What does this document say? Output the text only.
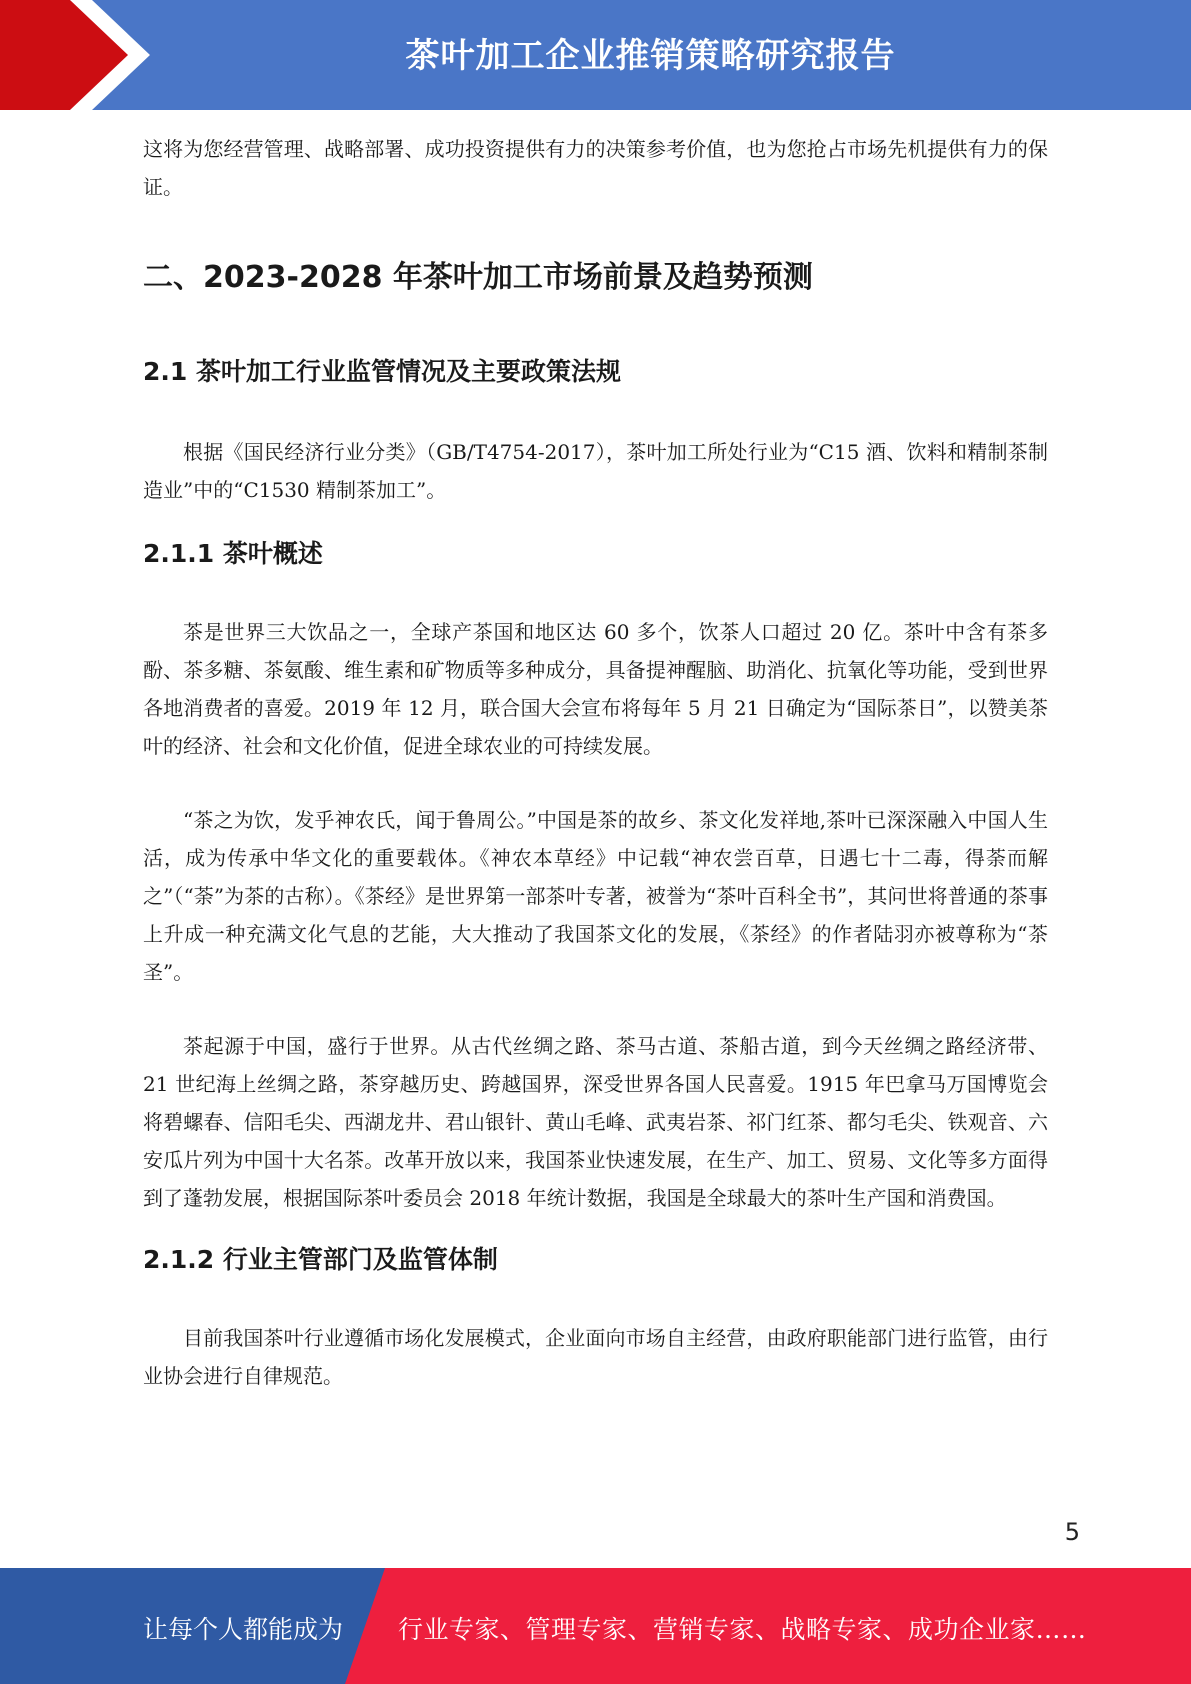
茶叶加工企业推销策略研究报告

这将为您经营管理、战略部署、成功投资提供有力的决策参考价值，也为您抢占市场先机提供有力的保证。

二、2023-2028 年茶叶加工市场前景及趋势预测
2.1 茶叶加工行业监管情况及主要政策法规

根据《国民经济行业分类》（GB/T4754-2017），茶叶加工所处行业为“C15 酒、饮料和精制茶制造业”中的“C1530 精制茶加工”。

2.1.1 茶叶概述

茶是世界三大饮品之一，全球产茶国和地区达 60 多个，饮茶人口超过 20 亿。茶叶中含有茶多酚、茶多糖、茶氨酸、维生素和矿物质等多种成分，具备提神醒脑、助消化、抗氧化等功能，受到世界各地消费者的喜爱。2019 年 12 月，联合国大会宣布将每年 5 月 21 日确定为“国际茶日”，以赞美茶叶的经济、社会和文化价值，促进全球农业的可持续发展。

“茶之为饮，发乎神农氏，闻于鲁周公。”中国是茶的故乡、茶文化发祥地,茶叶已深深融入中国人生活，成为传承中华文化的重要载体。《神农本草经》中记载“神农尝百草，日遇七十二毒，得荼而解之”（“荼”为茶的古称）。《茶经》是世界第一部茶叶专著，被誉为“茶叶百科全书”，其问世将普通的茶事上升成一种充满文化气息的艺能，大大推动了我国茶文化的发展，《茶经》的作者陆羽亦被尊称为“茶圣”。

茶起源于中国，盛行于世界。从古代丝绸之路、茶马古道、茶船古道，到今天丝绸之路经济带、21 世纪海上丝绸之路，茶穿越历史、跨越国界，深受世界各国人民喜爱。1915 年巴拿马万国博览会将碧螺春、信阳毛尖、西湖龙井、君山银针、黄山毛峰、武夷岩茶、祁门红茶、都匀毛尖、铁观音、六安瓜片列为中国十大名茶。改革开放以来，我国茶业快速发展，在生产、加工、贸易、文化等多方面得到了蓬勃发展，根据国际茶叶委员会 2018 年统计数据，我国是全球最大的茶叶生产国和消费国。

2.1.2 行业主管部门及监管体制

目前我国茶叶行业遵循市场化发展模式，企业面向市场自主经营，由政府职能部门进行监管，由行业协会进行自律规范。

5
让每个人都能成为 行业专家、管理专家、营销专家、战略专家、成功企业家……
